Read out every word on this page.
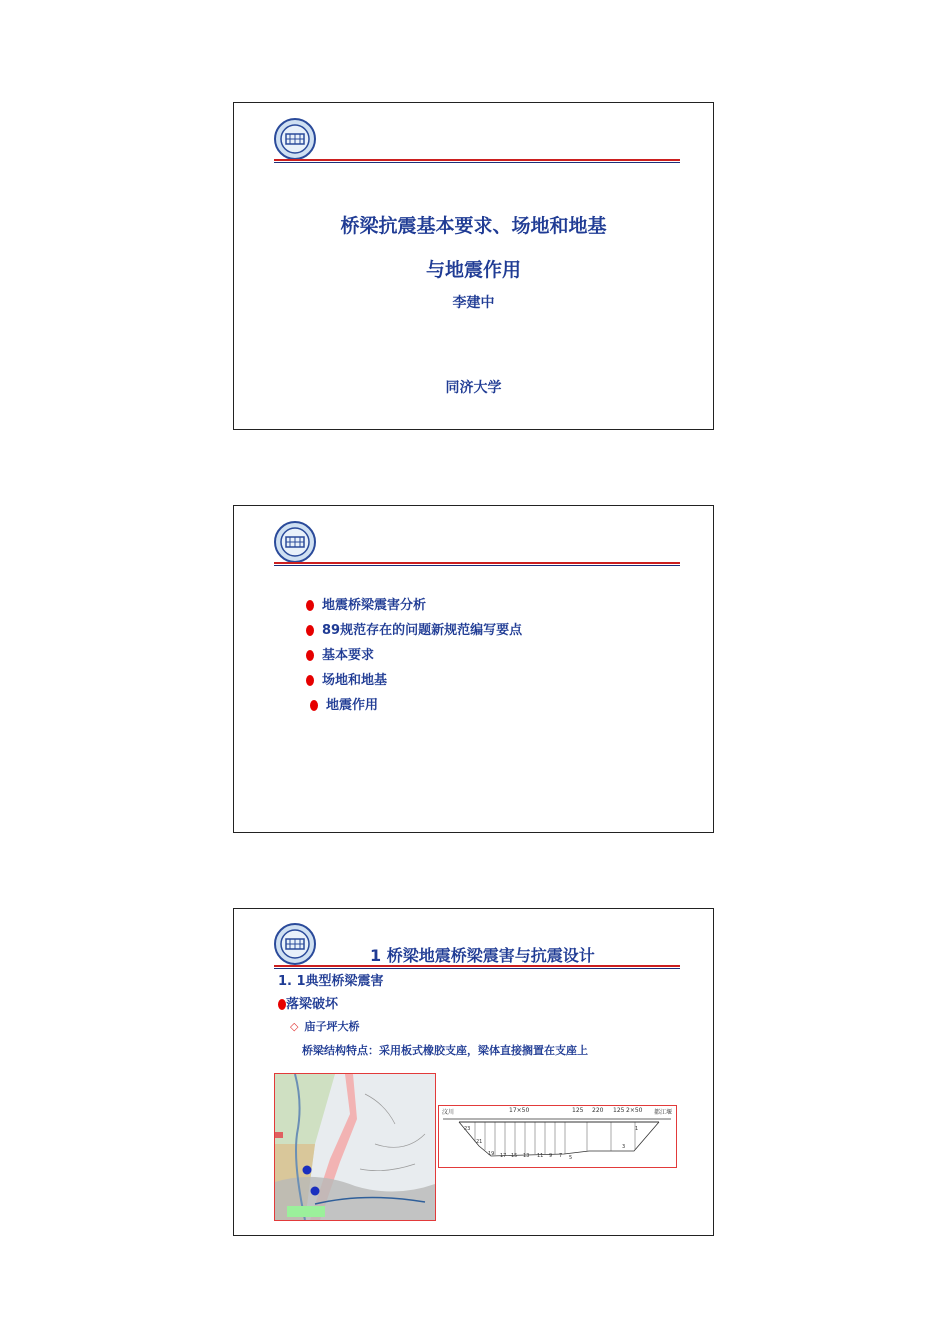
桥梁抗震基本要求、场地和地基
与地震作用
李建中
同济大学
地震桥梁震害分析
89规范存在的问题新规范编写要点
基本要求
场地和地基
地震作用
1 桥梁地震桥梁震害与抗震设计
1. 1典型桥梁震害
落梁破坏
◇ 庙子坪大桥
桥梁结构特点：采用板式橡胶支座，梁体直接搁置在支座上
汶川	都江堰
17×50	125 220 125 2×50
23
21
19 17 15 13 11 9 7 5
3
1
